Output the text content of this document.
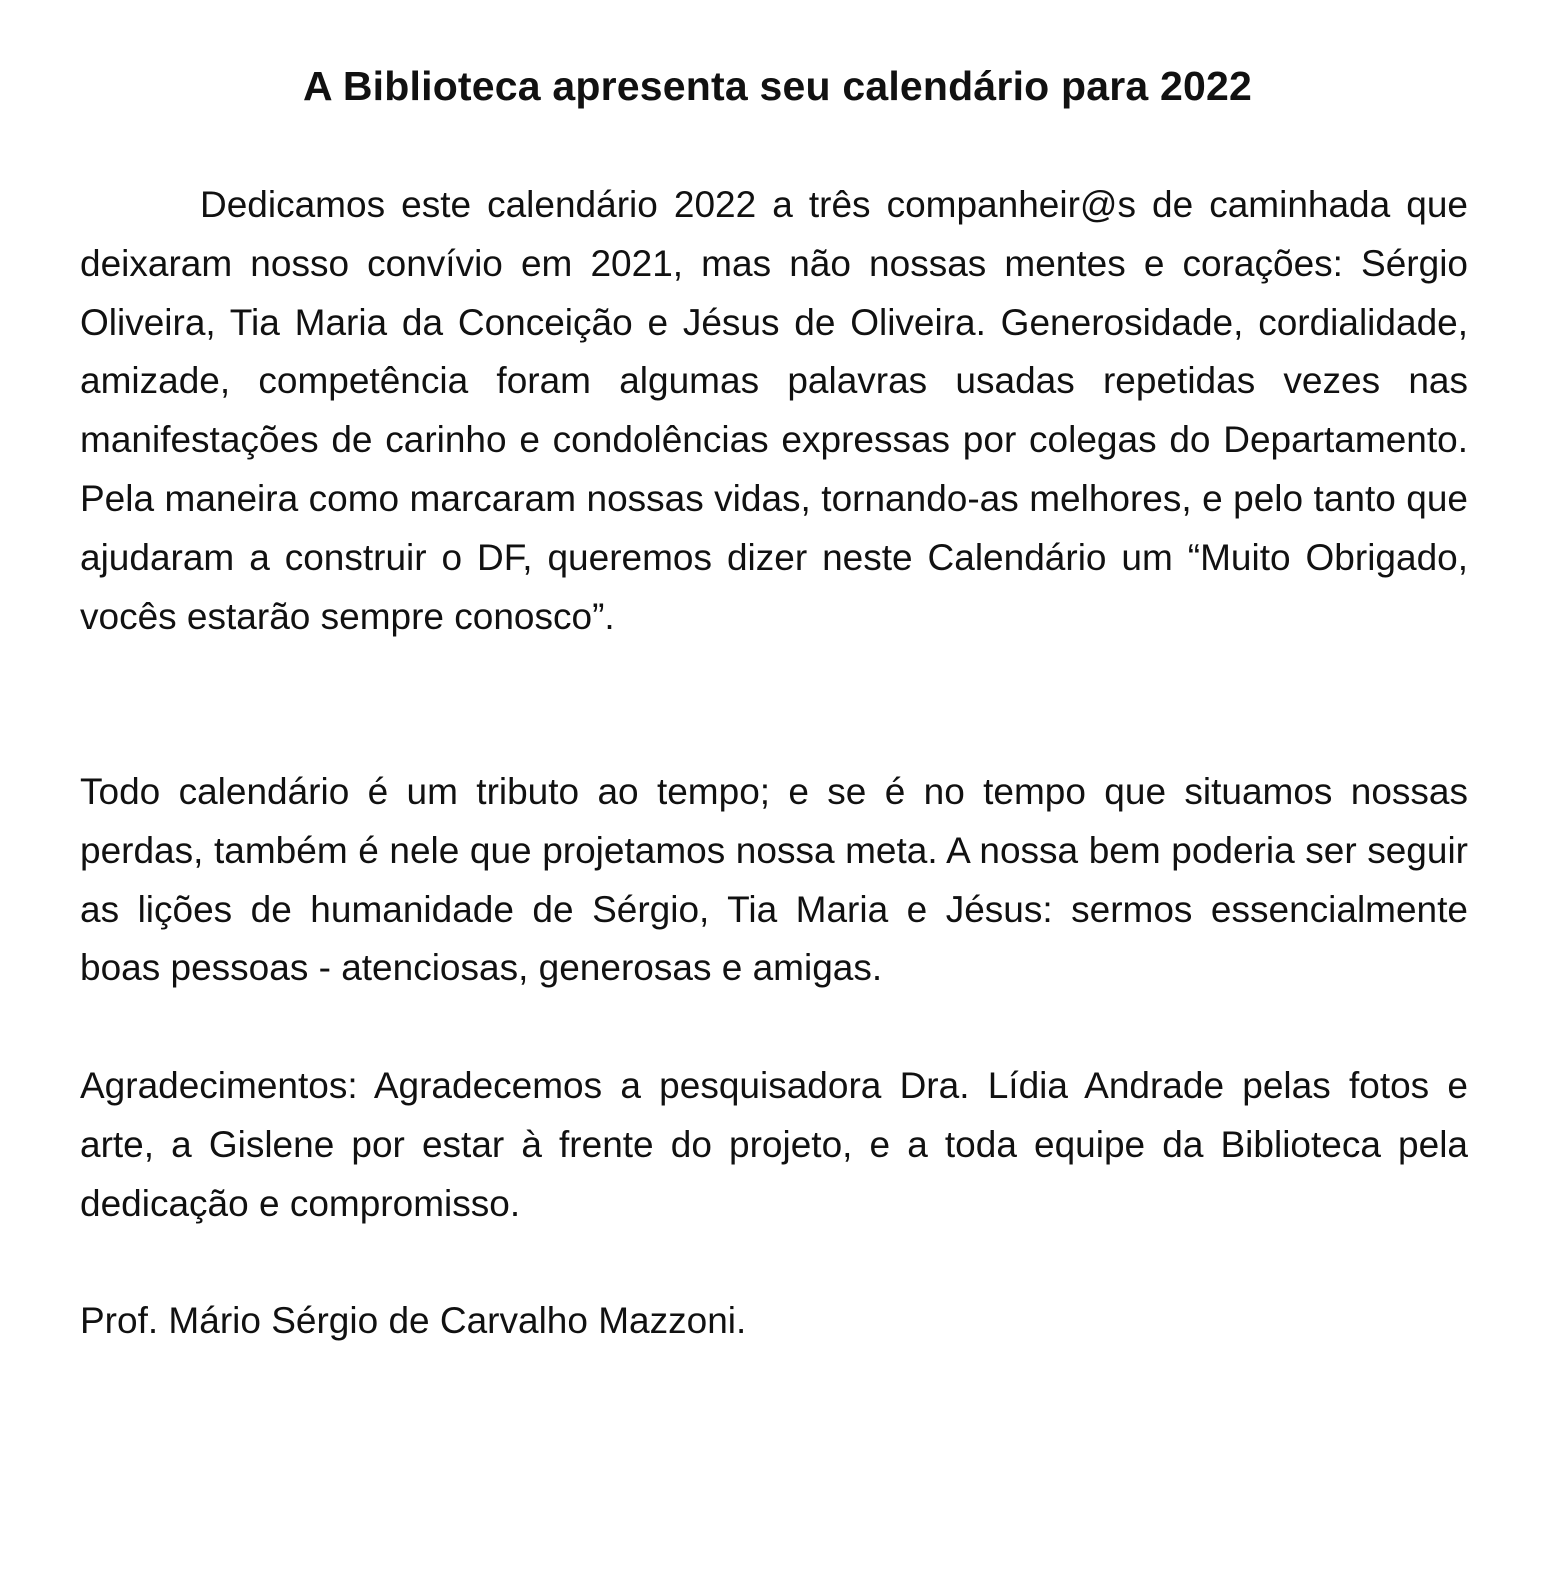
A Biblioteca apresenta seu calendário para 2022

Dedicamos este calendário 2022 a três companheir@s de caminhada que deixaram nosso convívio em 2021, mas não nossas mentes e corações: Sérgio Oliveira, Tia Maria da Conceição e Jésus de Oliveira. Generosidade, cordialidade, amizade, competência foram algumas palavras usadas repetidas vezes nas manifestações de carinho e condolências expressas por colegas do Departamento. Pela maneira como marcaram nossas vidas, tornando-as melhores, e pelo tanto que ajudaram a construir o DF, queremos dizer neste Calendário um “Muito Obrigado, vocês estarão sempre conosco”.

Todo calendário é um tributo ao tempo; e se é no tempo que situamos nossas perdas, também é nele que projetamos nossa meta. A nossa bem poderia ser seguir as lições de humanidade de Sérgio, Tia Maria e Jésus: sermos essencialmente boas pessoas - atenciosas, generosas e amigas.

Agradecimentos: Agradecemos a pesquisadora Dra. Lídia Andrade pelas fotos e arte, a Gislene por estar à frente do projeto, e a toda equipe da Biblioteca pela dedicação e compromisso.

Prof. Mário Sérgio de Carvalho Mazzoni.
